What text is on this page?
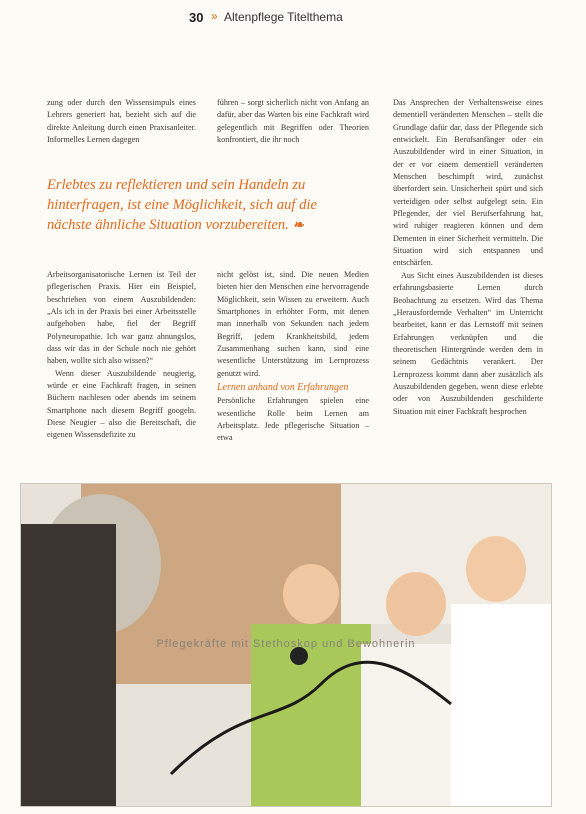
30 » Altenpflege Titelthema

zung oder durch den Wissensimpuls eines Lehrers generiert hat, bezieht sich auf die direkte Anleitung durch einen Praxisanleiter. Informelles Lernen dagegen

führen – sorgt sicherlich nicht von Anfang an dafür, aber das Warten bis eine Fachkraft wird gelegentlich mit Begriffen oder Theorien konfrontiert, die ihr noch

Das Ansprechen der Verhaltensweise eines dementiell veränderten Menschen – stellt die Grundlage dafür dar, dass der Pflegende sich entwickelt. Ein Berufsanfänger oder ein Auszubildender wird in einer Situation, in der er vor einem dementiell veränderten Menschen beschimpft wird, zunächst überfordert sein. Unsicherheit spürt und sich verteidigen oder selbst aufgelegt sein. Ein Pflegender, der viel Berufserfahrung hat, wird ruhiger reagieren können und dem Dementen in einer Sicherheit vermitteln. Die Situation wird sich entspannen und entschärfen.

Aus Sicht eines Auszubildenden ist dieses erfahrungsbasierte Lernen durch Beobachtung zu ersetzen. Wird das Thema „Herausfordernde Verhalten“ im Unterricht bearbeitet, kann er das Lernstoff mit seinen Erfahrungen verknüpfen und die theoretischen Hintergründe werden dem in seinem Gedächtnis verankert. Der Lernprozess kommt dann aber zusätzlich als Auszubildenden gegeben, wenn diese erlebte oder von Auszubildenden geschilderte Situation mit einer Fachkraft besprochen

Erlebtes zu reflektieren und sein Handeln zu hinterfragen, ist eine Möglichkeit, sich auf die nächste ähnliche Situation vorzubereiten. ❧

Arbeitsorganisatorische Lernen ist Teil der pflegerischen Praxis. Hier ein Beispiel, beschrieben von einem Auszubildenden: „Als ich in der Praxis bei einer Arbeitsstelle aufgehoben habe, fiel der Begriff Polyneuropathie. Ich war ganz ahnungslos, dass wir das in der Schule noch nie gehört haben, wollte sich also wissen?“

Wenn dieser Auszubildende neugierig, würde er eine Fachkraft fragen, in seinen Büchern nachlesen oder abends im seinem Smartphone nach diesem Begriff googeln. Diese Neugier – also die Bereitschaft, die eigenen Wissensdefizite zu

nicht gelöst ist, sind. Die neuen Medien bieten hier den Menschen eine hervorragende Möglichkeit, sein Wissen zu erweitern. Auch Smartphones in erhöhter Form, mit denen man innerhalb von Sekunden nach jedem Begriff, jedem Krankheitsbild, jedem Zusammenhang suchen kann, sind eine wesentliche Unterstützung im Lernprozess genutzt wird.

Lernen anhand von Erfahrungen

Persönliche Erfahrungen spielen eine wesentliche Rolle beim Lernen am Arbeitsplatz. Jede pflegerische Situation – etwa

Pflegekräfte mit Stethoskop und Bewohnerin
